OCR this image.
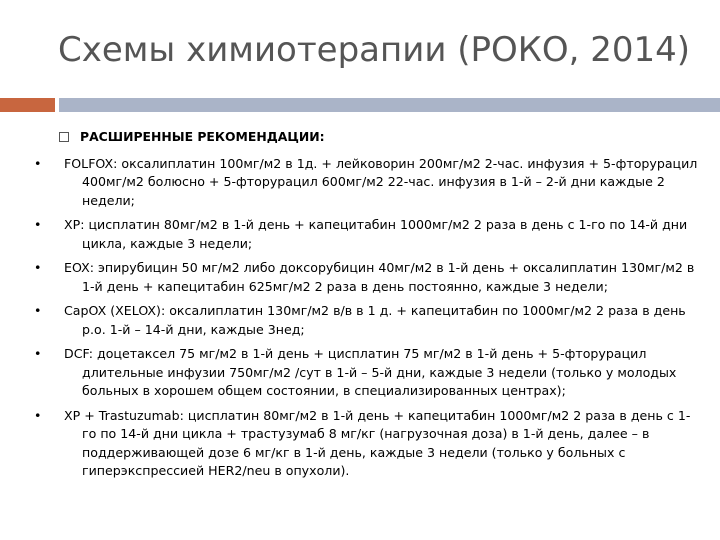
Схемы химиотерапии (РОКО, 2014)
РАСШИРЕННЫЕ РЕКОМЕНДАЦИИ:
• FOLFOX: оксалиплатин 100мг/м2 в 1д. + лейковорин 200мг/м2 2-час. инфузия + 5-фторурацил 400мг/м2 болюсно + 5-фторурацил 600мг/м2 22-час. инфузия в 1-й – 2-й дни каждые 2 недели;
• XP: цисплатин 80мг/м2 в 1-й день + капецитабин 1000мг/м2 2 раза в день с 1-го по 14-й дни цикла, каждые 3 недели;
• EOX: эпирубицин 50 мг/м2 либо доксорубицин 40мг/м2 в 1-й день + оксалиплатин 130мг/м2 в 1-й день + капецитабин 625мг/м2 2 раза в день постоянно, каждые 3 недели;
• CapOX (XELOX): оксалиплатин 130мг/м2 в/в в 1 д. + капецитабин по 1000мг/м2 2 раза в день р.о. 1-й – 14-й дни, каждые 3нед;
• DCF: доцетаксел 75 мг/м2 в 1-й день + цисплатин 75 мг/м2 в 1-й день + 5-фторурацил длительные инфузии 750мг/м2 /сут в 1-й – 5-й дни, каждые 3 недели (только у молодых больных в хорошем общем состоянии, в специализированных центрах);
• XP + Trastuzumab: цисплатин 80мг/м2 в 1-й день + капецитабин 1000мг/м2 2 раза в день с 1-го по 14-й дни цикла + трастузумаб 8 мг/кг (нагрузочная доза) в 1-й день, далее – в поддерживающей дозе 6 мг/кг в 1-й день, каждые 3 недели (только у больных с гиперэкспрессией HER2/neu в опухоли).
